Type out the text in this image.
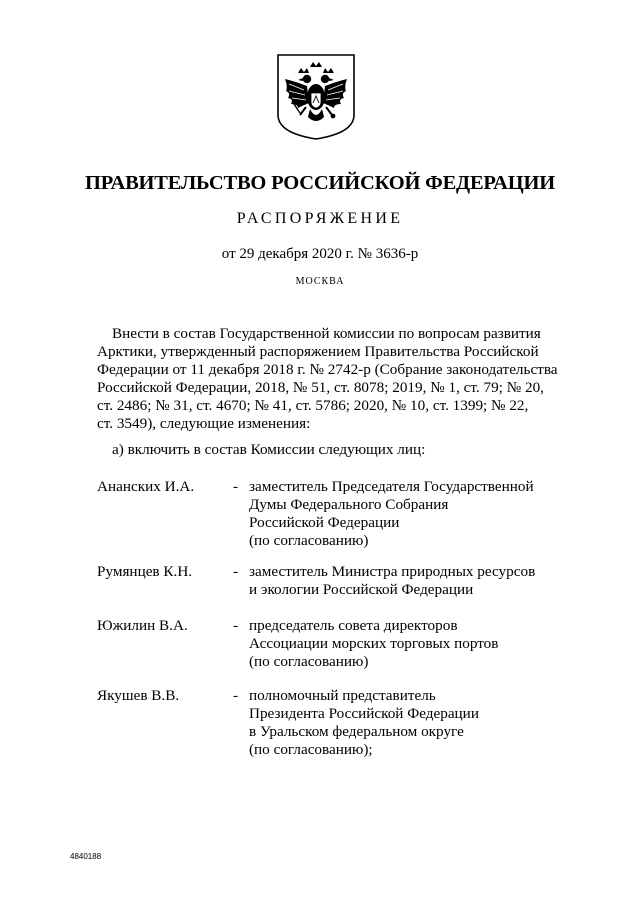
ПРАВИТЕЛЬСТВО РОССИЙСКОЙ ФЕДЕРАЦИИ
РАСПОРЯЖЕНИЕ
от 29 декабря 2020 г. № 3636-р
МОСКВА
Внести в состав Государственной комиссии по вопросам развития
Арктики, утвержденный распоряжением Правительства Российской
Федерации от 11 декабря 2018 г. № 2742-р (Собрание законодательства
Российской Федерации, 2018, № 51, ст. 8078; 2019, № 1, ст. 79; № 20,
ст. 2486; № 31, ст. 4670; № 41, ст. 5786; 2020, № 10, ст. 1399; № 22,
ст. 3549), следующие изменения:
а) включить в состав Комиссии следующих лиц:
Ананских И.А.	- заместитель Председателя Государственной
Думы Федерального Собрания
Российской Федерации
(по согласованию)
Румянцев К.Н.	- заместитель Министра природных ресурсов
и экологии Российской Федерации
Южилин В.А.	- председатель совета директоров
Ассоциации морских торговых портов
(по согласованию)
Якушев В.В.	- полномочный представитель
Президента Российской Федерации
в Уральском федеральном округе
(по согласованию);
4840188
